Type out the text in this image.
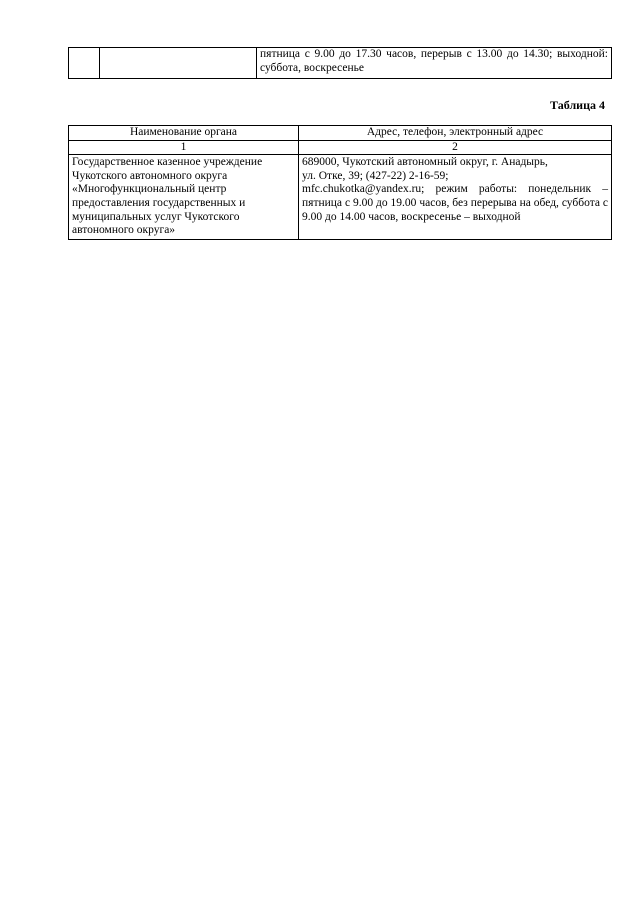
		пятница с 9.00 до 17.30 часов, перерыв с 13.00 до 14.30; выходной: суббота, воскресенье
Таблица 4
Наименование органа	Адрес, телефон, электронный адрес
1	2
Государственное казенное учреждение Чукотского автономного округа «Многофункциональный центр предоставления государственных и муниципальных услуг Чукотского автономного округа»	689000, Чукотский автономный округ, г. Анадырь,
ул. Отке, 39; (427-22) 2-16-59;
mfc.chukotka@yandex.ru; режим работы: понедельник – пятница с 9.00 до 19.00 часов, без перерыва на обед, суббота с 9.00 до 14.00 часов, воскресенье – выходной
